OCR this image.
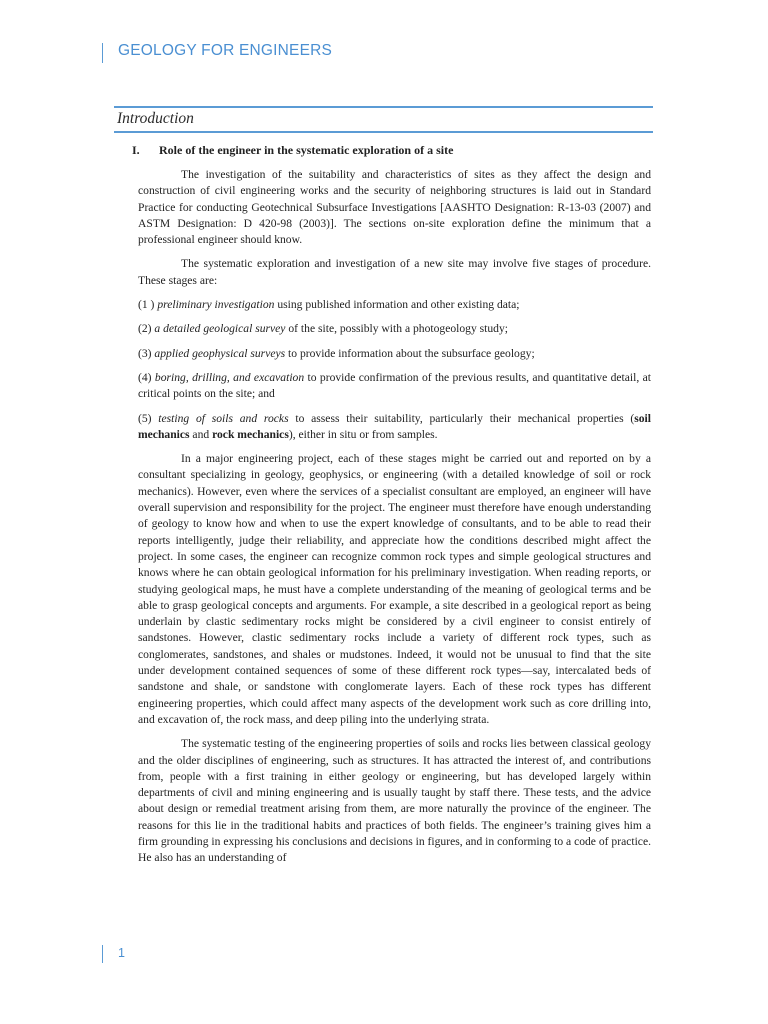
GEOLOGY FOR ENGINEERS
Introduction
I. Role of the engineer in the systematic exploration of a site

The investigation of the suitability and characteristics of sites as they affect the design and construction of civil engineering works and the security of neighboring structures is laid out in Standard Practice for conducting Geotechnical Subsurface Investigations [AASHTO Designation: R-13-03 (2007) and ASTM Designation: D 420-98 (2003)]. The sections on-site exploration define the minimum that a professional engineer should know.

The systematic exploration and investigation of a new site may involve five stages of procedure. These stages are:

(1 ) preliminary investigation using published information and other existing data;

(2) a detailed geological survey of the site, possibly with a photogeology study;

(3) applied geophysical surveys to provide information about the subsurface geology;

(4) boring, drilling, and excavation to provide confirmation of the previous results, and quantitative detail, at critical points on the site; and

(5) testing of soils and rocks to assess their suitability, particularly their mechanical properties (soil mechanics and rock mechanics), either in situ or from samples.

In a major engineering project, each of these stages might be carried out and reported on by a consultant specializing in geology, geophysics, or engineering (with a detailed knowledge of soil or rock mechanics). However, even where the services of a specialist consultant are employed, an engineer will have overall supervision and responsibility for the project. The engineer must therefore have enough understanding of geology to know how and when to use the expert knowledge of consultants, and to be able to read their reports intelligently, judge their reliability, and appreciate how the conditions described might affect the project. In some cases, the engineer can recognize common rock types and simple geological structures and knows where he can obtain geological information for his preliminary investigation. When reading reports, or studying geological maps, he must have a complete understanding of the meaning of geological terms and be able to grasp geological concepts and arguments. For example, a site described in a geological report as being underlain by clastic sedimentary rocks might be considered by a civil engineer to consist entirely of sandstones. However, clastic sedimentary rocks include a variety of different rock types, such as conglomerates, sandstones, and shales or mudstones. Indeed, it would not be unusual to find that the site under development contained sequences of some of these different rock types—say, intercalated beds of sandstone and shale, or sandstone with conglomerate layers. Each of these rock types has different engineering properties, which could affect many aspects of the development work such as core drilling into, and excavation of, the rock mass, and deep piling into the underlying strata.

The systematic testing of the engineering properties of soils and rocks lies between classical geology and the older disciplines of engineering, such as structures. It has attracted the interest of, and contributions from, people with a first training in either geology or engineering, but has developed largely within departments of civil and mining engineering and is usually taught by staff there. These tests, and the advice about design or remedial treatment arising from them, are more naturally the province of the engineer. The reasons for this lie in the traditional habits and practices of both fields. The engineer’s training gives him a firm grounding in expressing his conclusions and decisions in figures, and in conforming to a code of practice. He also has an understanding of

1
